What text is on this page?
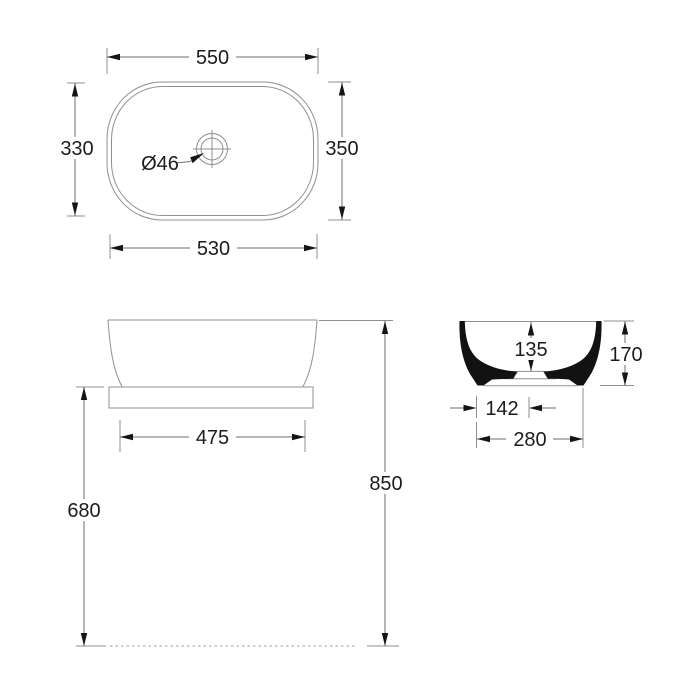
Ø46
550
330	350
530
475
680
850
135	170
142
280
